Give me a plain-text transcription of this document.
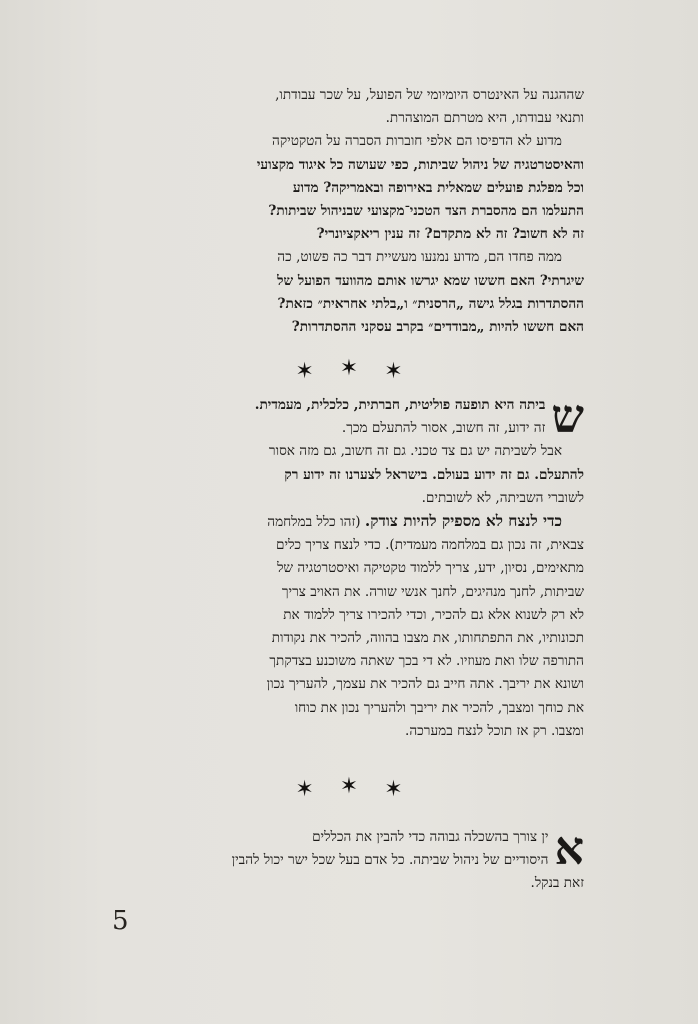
שההגנה על האינטרס היומיומי של הפועל, על שכר עבודתו,
ותנאי עבודתו, היא מטרתם המוצהרת.

מדוע לא הדפיסו הם אלפי חוברות הסברה על הטקטיקה
והאיסטרטגיה של ניהול שביתות, כפי שעושה כל איגוד מקצועי
וכל מפלגת פועלים שמאלית באירופה ובאמריקה? מדוע
התעלמו הם מהסברת הצד הטכני־מקצועי שבניהול שביתות?
זה לא חשוב? זה לא מתקדם? זה ענין ריאקציונרי?

ממה פחדו הם, מדוע נמנעו מעשיית דבר כה פשוט, כה
שיגרתי? האם חששו שמא יגרשו אותם מהוועד הפועל של
ההסתדרות בגלל גישה „הרסנית״ ו„בלתי אחראית״ כזאת?
האם חששו להיות „מבודדים״ בקרב עסקני ההסתדרות?

✶ ✶ ✶

ש
ביתה היא תופעה פוליטית, חברתית, כלכלית, מעמדית.
זה ידוע, זה חשוב, אסור להתעלם מכך.

אבל לשביתה יש גם צד טכני. גם זה חשוב, גם מזה אסור
להתעלם. גם זה ידוע בעולם. בישראל לצערנו זה ידוע רק
לשוברי השביתה, לא לשובתים.

כדי לנצח לא מספיק להיות צודק. (זהו כלל במלחמה
צבאית, זה נכון גם במלחמה מעמדית). כדי לנצח צריך כלים
מתאימים, נסיון, ידע, צריך ללמוד טקטיקה ואיסטרטגיה של
שביתות, לחנך מנהיגים, לחנך אנשי שורה. את האויב צריך
לא רק לשנוא אלא גם להכיר, וכדי להכירו צריך ללמוד את
תכונותיו, את התפתחותו, את מצבו בהווה, להכיר את נקודות
התורפה שלו ואת מעוזיו. לא די בכך שאתה משוכנע בצדקתך
ושונא את יריבך. אתה חייב גם להכיר את עצמך, להעריך נכון
את כוחך ומצבך, להכיר את יריבך ולהעריך נכון את כוחו
ומצבו. רק אז תוכל לנצח במערכה.

✶ ✶ ✶

א
ין צורך בהשכלה גבוהה כדי להבין את הכללים
היסודיים של ניהול שביתה. כל אדם בעל שכל ישר יכול להבין
זאת בנקל.

5
